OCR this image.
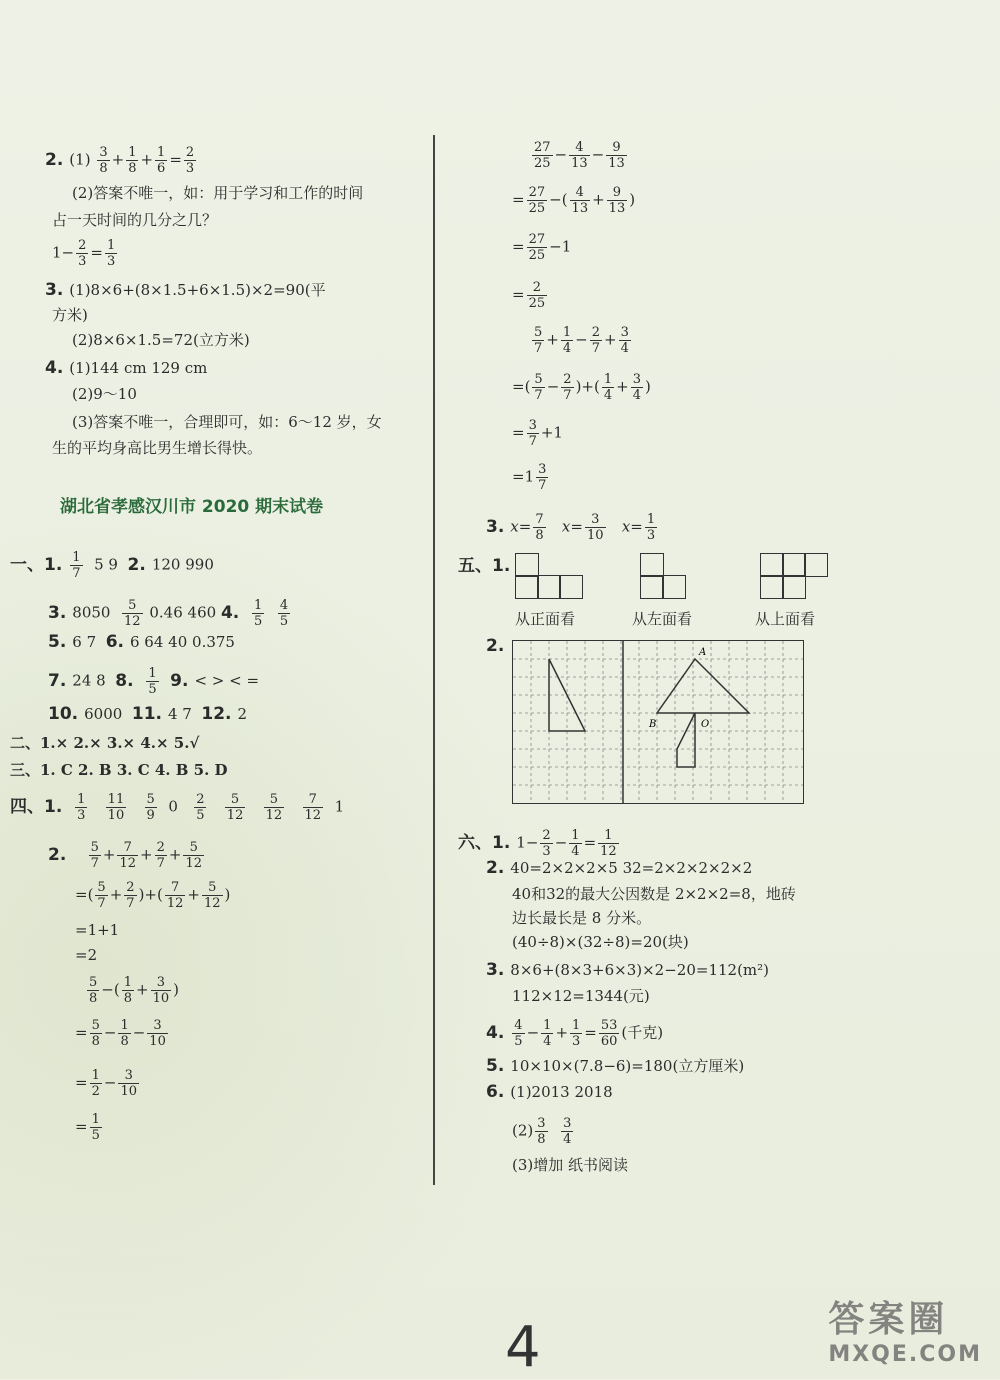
2. $(1) \frac{3}{8} + \frac{1}{8} + \frac{1}{6} = \frac{2}{3}$
(2)答案不唯一，如：用于学习和工作的时间
占一天时间的几分之几？
$1- \frac{2}{3} = \frac{1}{3}$
3. (1)8×6+(8×1.5+6×1.5)×2=90(平
方米)
(2)8×6×1.5=72(立方米)
4. (1)144 cm 129 cm
(2)9～10
(3)答案不唯一，合理即可，如：6～12 岁，女
生的平均身高比男生增长得快。
湖北省孝感汉川市 2020 期末试卷
一、1. $\frac{1}{7} 5$ 9 2. 120 990
3. $8050 \frac{5}{12} 0.46$ 460 4. $\frac{1}{5}$
$\frac{4}{5}$
5. 6 7 6. 6 64 40 0.375
7. 24 8 8. $\frac{1}{5} 9$. < > < =
10. 6000 11. 4 7 12. 2
二、1.× 2.× 3.× 4.× 5.√
三、1. C 2. B 3. C 4. B 5. D
四、1. $\frac{1}{3}$
$\frac{11}{10}$
$\frac{5}{9} 0 \frac{2}{5}$
$\frac{5}{12}$
$\frac{5}{12}$
$\frac{7}{12} 1$
2. $\frac{5}{7} + \frac{7}{12} + \frac{2}{7} + \frac{5}{12}$
=( $\frac{5}{7} + \frac{2}{7}$ )+( $\frac{7}{12} + \frac{5}{12}$ )
=1+1
=2
$\frac{5}{8}$ −( $\frac{1}{8} + \frac{3}{10}$ )
= $\frac{5}{8} - \frac{1}{8} - \frac{3}{10}$
= $\frac{1}{2} - \frac{3}{10}$
= $\frac{1}{5}$
$\frac{27}{25} - \frac{4}{13} - \frac{9}{13}$
= $\frac{27}{25}$ −( $\frac{4}{13} + \frac{9}{13}$ )
= $\frac{27}{25} -1$
= $\frac{2}{25}$
$\frac{5}{7} + \frac{1}{4} - \frac{2}{7} + \frac{3}{4}$
=( $\frac{5}{7} - \frac{2}{7}$ )+( $\frac{1}{4} + \frac{3}{4}$ )
= $\frac{3}{7} +1$
$=1 \frac{3}{7}$
3. $x= \frac{7}{8} x= \frac{3}{10} x= \frac{1}{3}$
五、1.
从正面看	从左面看	从上面看
2.	A
B	O
六、1. $1- \frac{2}{3} - \frac{1}{4} = \frac{1}{12}$
2. 40=2×2×2×5 32=2×2×2×2×2
40和32的最大公因数是 2×2×2=8，地砖
边长最长是 8 分米。
(40÷8)×(32÷8)=20(块)
3. 8×6+(8×3+6×3)×2−20=112(m²)
112×12=1344(元)
4. $\frac{4}{5} - \frac{1}{4} + \frac{1}{3} = \frac{53}{60}$ (千克)
5. 10×10×(7.8−6)=180(立方厘米)
6. (1)2013 2018
$(2) \frac{3}{8}$
$\frac{3}{4}$
(3)增加 纸书阅读
4	答案圈
MXQE.COM
